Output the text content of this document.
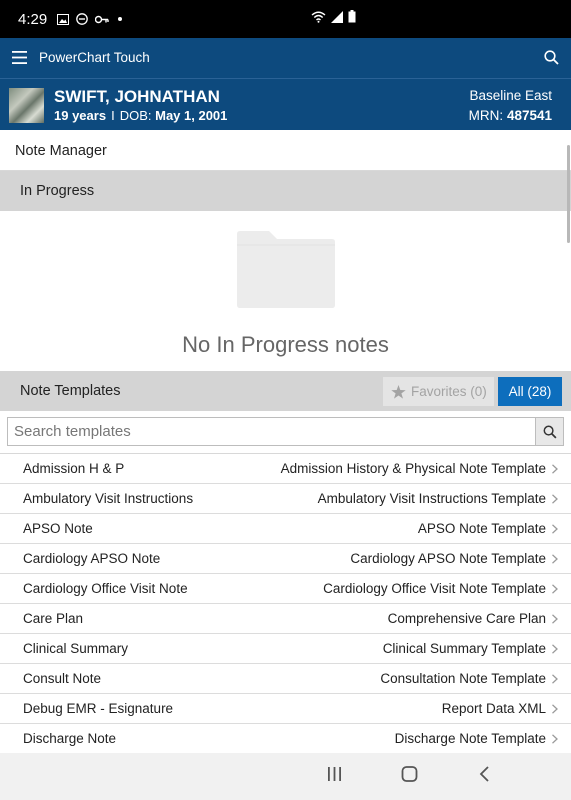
4:29
PowerChart Touch
SWIFT, JOHNATHAN
19 years I DOB: May 1, 2001
Baseline East
MRN: 487541
Note Manager
In Progress
No In Progress notes
Note Templates	Favorites (0) All (28)
Search templates
Admission H & P	Admission History & Physical Note Template
Ambulatory Visit Instructions	Ambulatory Visit Instructions Template
APSO Note	APSO Note Template
Cardiology APSO Note	Cardiology APSO Note Template
Cardiology Office Visit Note	Cardiology Office Visit Note Template
Care Plan	Comprehensive Care Plan
Clinical Summary	Clinical Summary Template
Consult Note	Consultation Note Template
Debug EMR - Esignature	Report Data XML
Discharge Note	Discharge Note Template
